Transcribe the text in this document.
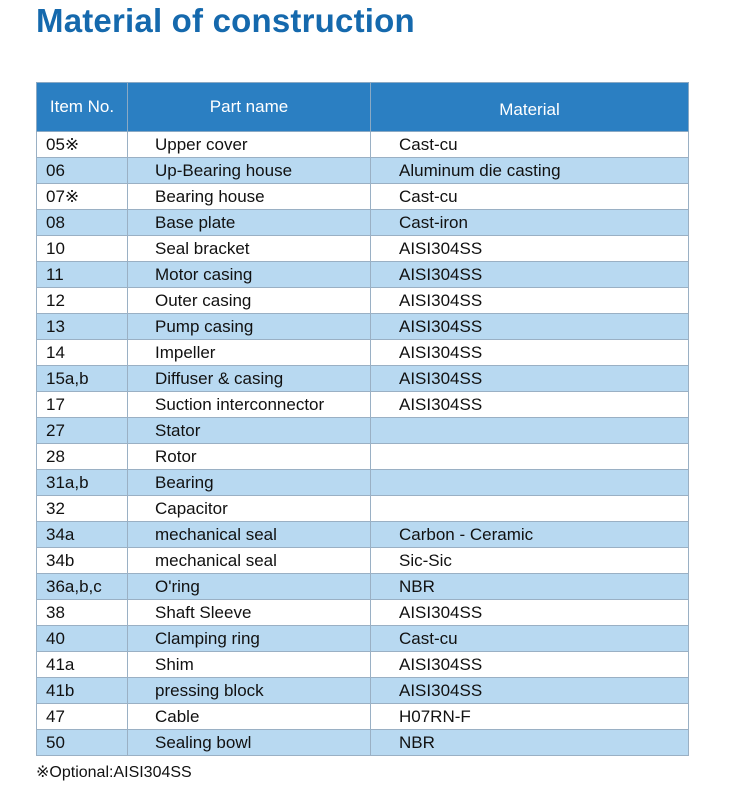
Material of construction
Item No.	Part name	Material
05※	Upper cover	Cast-cu
06	Up-Bearing house	Aluminum die casting
07※	Bearing house	Cast-cu
08	Base plate	Cast-iron
10	Seal bracket	AISI304SS
11	Motor casing	AISI304SS
12	Outer casing	AISI304SS
13	Pump casing	AISI304SS
14	Impeller	AISI304SS
15a,b	Diffuser & casing	AISI304SS
17	Suction interconnector	AISI304SS
27	Stator	
28	Rotor	
31a,b	Bearing	
32	Capacitor	
34a	mechanical seal	Carbon - Ceramic
34b	mechanical seal	Sic-Sic
36a,b,c	O'ring	NBR
38	Shaft Sleeve	AISI304SS
40	Clamping ring	Cast-cu
41a	Shim	AISI304SS
41b	pressing block	AISI304SS
47	Cable	H07RN-F
50	Sealing bowl	NBR

※Optional:AISI304SS
